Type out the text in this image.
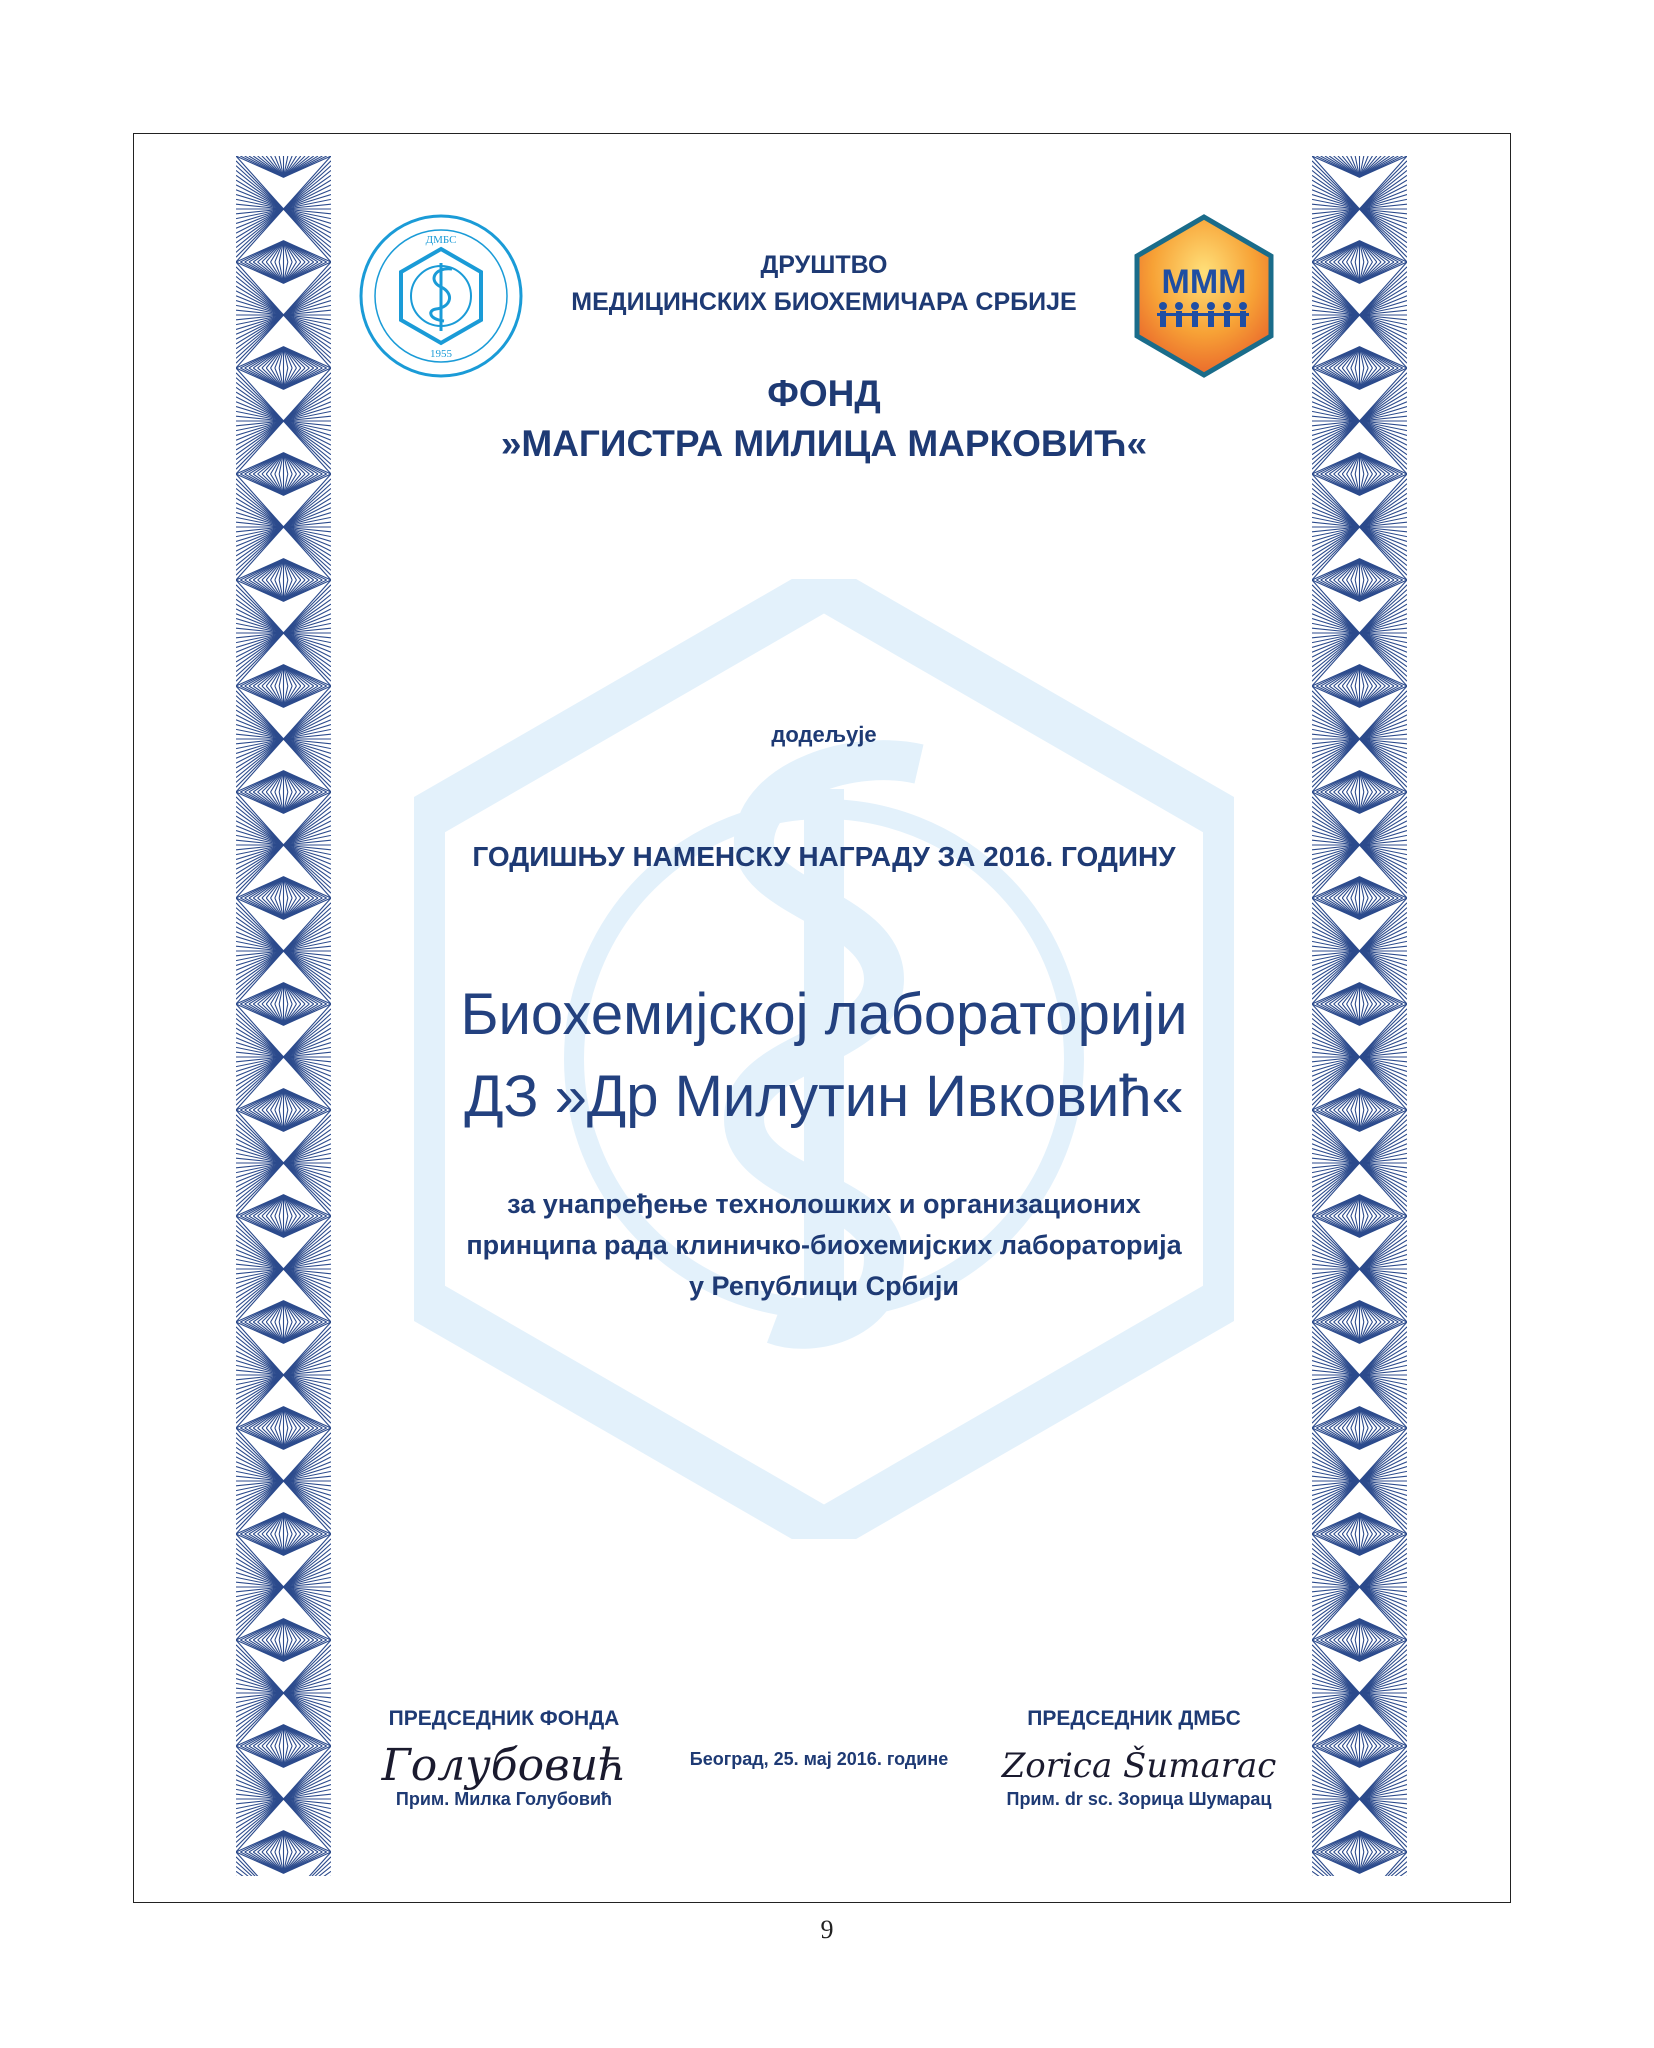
ДМБС
1955
МММ
ДРУШТВО
МЕДИЦИНСКИХ БИОХЕМИЧАРА СРБИЈЕ
ФОНД
»МАГИСТРА МИЛИЦА МАРКОВИЋ«
додељује
ГОДИШЊУ НАМЕНСКУ НАГРАДУ ЗА 2016. ГОДИНУ
Биохемијској лабораторији
ДЗ »Др Милутин Ивковић«
за унапређење технолошких и организационих
принципа рада клиничко-биохемијских лабораторија
у Републици Србији
ПРЕДСЕДНИК ФОНДА	ПРЕДСЕДНИК ДМБС
Голубовић	Zorica Šumarac
Београд, 25. мај 2016. године
Прим. Милка Голубовић	Прим. dr sc. Зорица Шумарац
9
